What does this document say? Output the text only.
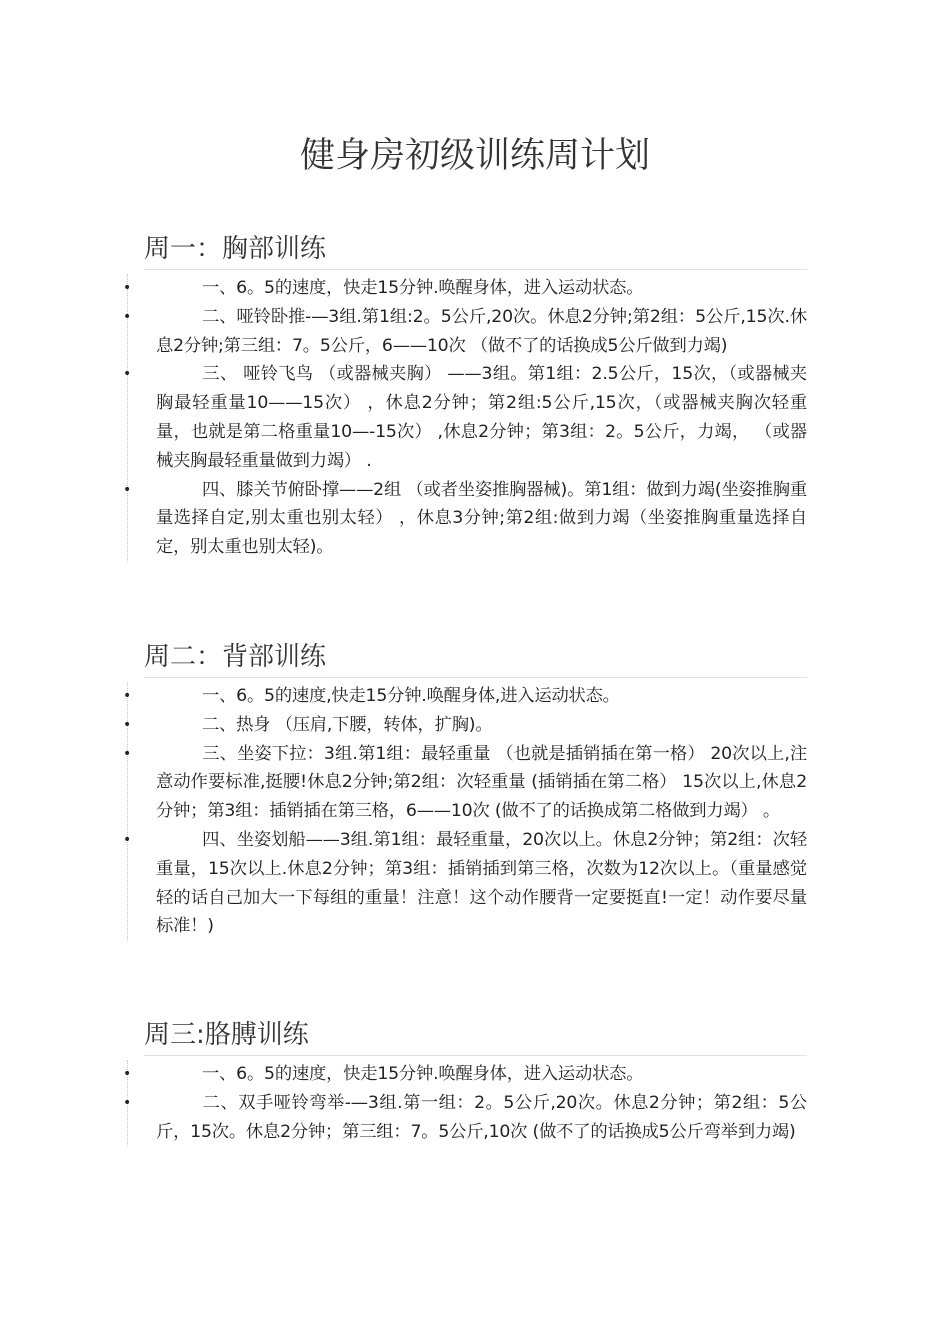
健身房初级训练周计划
周一：胸部训练

•	一、6。5的速度，快走15分钟.唤醒身体，进入运动状态。

•	二、哑铃卧推-—3组.第1组:2。5公斤,20次。休息2分钟;第2组：5公斤,15次.休息2分钟;第三组：7。5公斤，6——10次 （做不了的话换成5公斤做到力竭)

•	三、 哑铃飞鸟 （或器械夹胸） ——3组。第1组：2.5公斤，15次，（或器械夹胸最轻重量10——15次） ，休息2分钟；第2组:5公斤,15次，（或器械夹胸次轻重量，也就是第二格重量10—-15次） ,休息2分钟；第3组：2。5公斤，力竭， （或器械夹胸最轻重量做到力竭） .

•	四、膝关节俯卧撑——2组 （或者坐姿推胸器械)。第1组：做到力竭(坐姿推胸重量选择自定,别太重也别太轻） ，休息3分钟;第2组:做到力竭（坐姿推胸重量选择自定，别太重也别太轻)。

周二：背部训练

•	一、6。5的速度,快走15分钟.唤醒身体,进入运动状态。

•	二、热身 （压肩,下腰，转体，扩胸)。

•	三、坐姿下拉：3组.第1组：最轻重量 （也就是插销插在第一格） 20次以上,注意动作要标准,挺腰!休息2分钟;第2组：次轻重量 (插销插在第二格） 15次以上,休息2分钟；第3组：插销插在第三格，6——10次 (做不了的话换成第二格做到力竭） 。

•	四、坐姿划船——3组.第1组：最轻重量，20次以上。休息2分钟；第2组：次轻重量，15次以上.休息2分钟；第3组：插销插到第三格，次数为12次以上。（重量感觉轻的话自己加大一下每组的重量！注意！这个动作腰背一定要挺直!一定！动作要尽量标准！)

周三:胳膊训练

•	一、6。5的速度，快走15分钟.唤醒身体，进入运动状态。

•	二、双手哑铃弯举-—3组.第一组：2。5公斤,20次。休息2分钟；第2组：5公斤，15次。休息2分钟；第三组：7。5公斤,10次 (做不了的话换成5公斤弯举到力竭)
